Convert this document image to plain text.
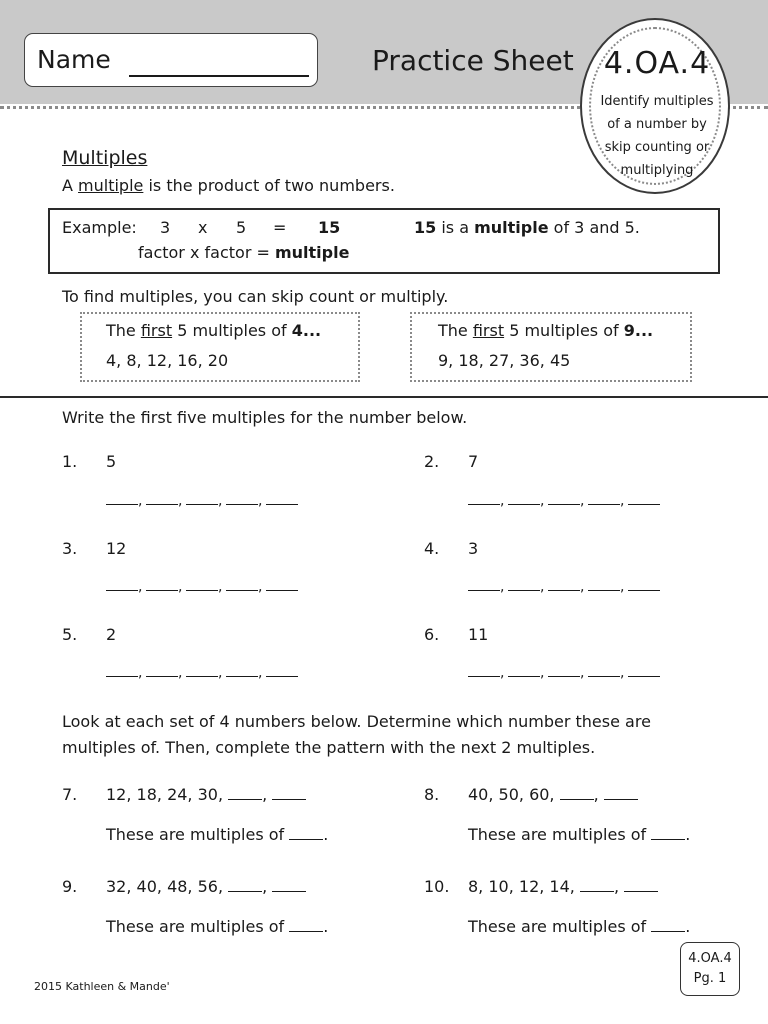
Name	Practice Sheet	4.OA.4
Identify multiples
of a number by
skip counting or
multiplying
Multiples
A multiple is the product of two numbers.
Example: 3 x 5 = 15	15 is a multiple of 3 and 5.
factor x factor = multiple
To find multiples, you can skip count or multiply.
The first 5 multiples of 4...
4, 8, 12, 16, 20
The first 5 multiples of 9...
9, 18, 27, 36, 45
Write the first five multiples for the number below.
1. 5
,	,	,	,
2. 7
,	,	,	,
3. 12
,	,	,	,
4. 3
,	,	,	,
5. 2
,	,	,	,
6. 11
,	,	,	,
Look at each set of 4 numbers below. Determine which number these are
multiples of. Then, complete the pattern with the next 2 multiples.
7. 12, 18, 24, 30, ,
These are multiples of .
8. 40, 50, 60, ,
These are multiples of .
9. 32, 40, 48, 56, ,
These are multiples of .
10. 8, 10, 12, 14, ,
These are multiples of .
4.OA.4
Pg. 1
2015 Kathleen & Mande'
